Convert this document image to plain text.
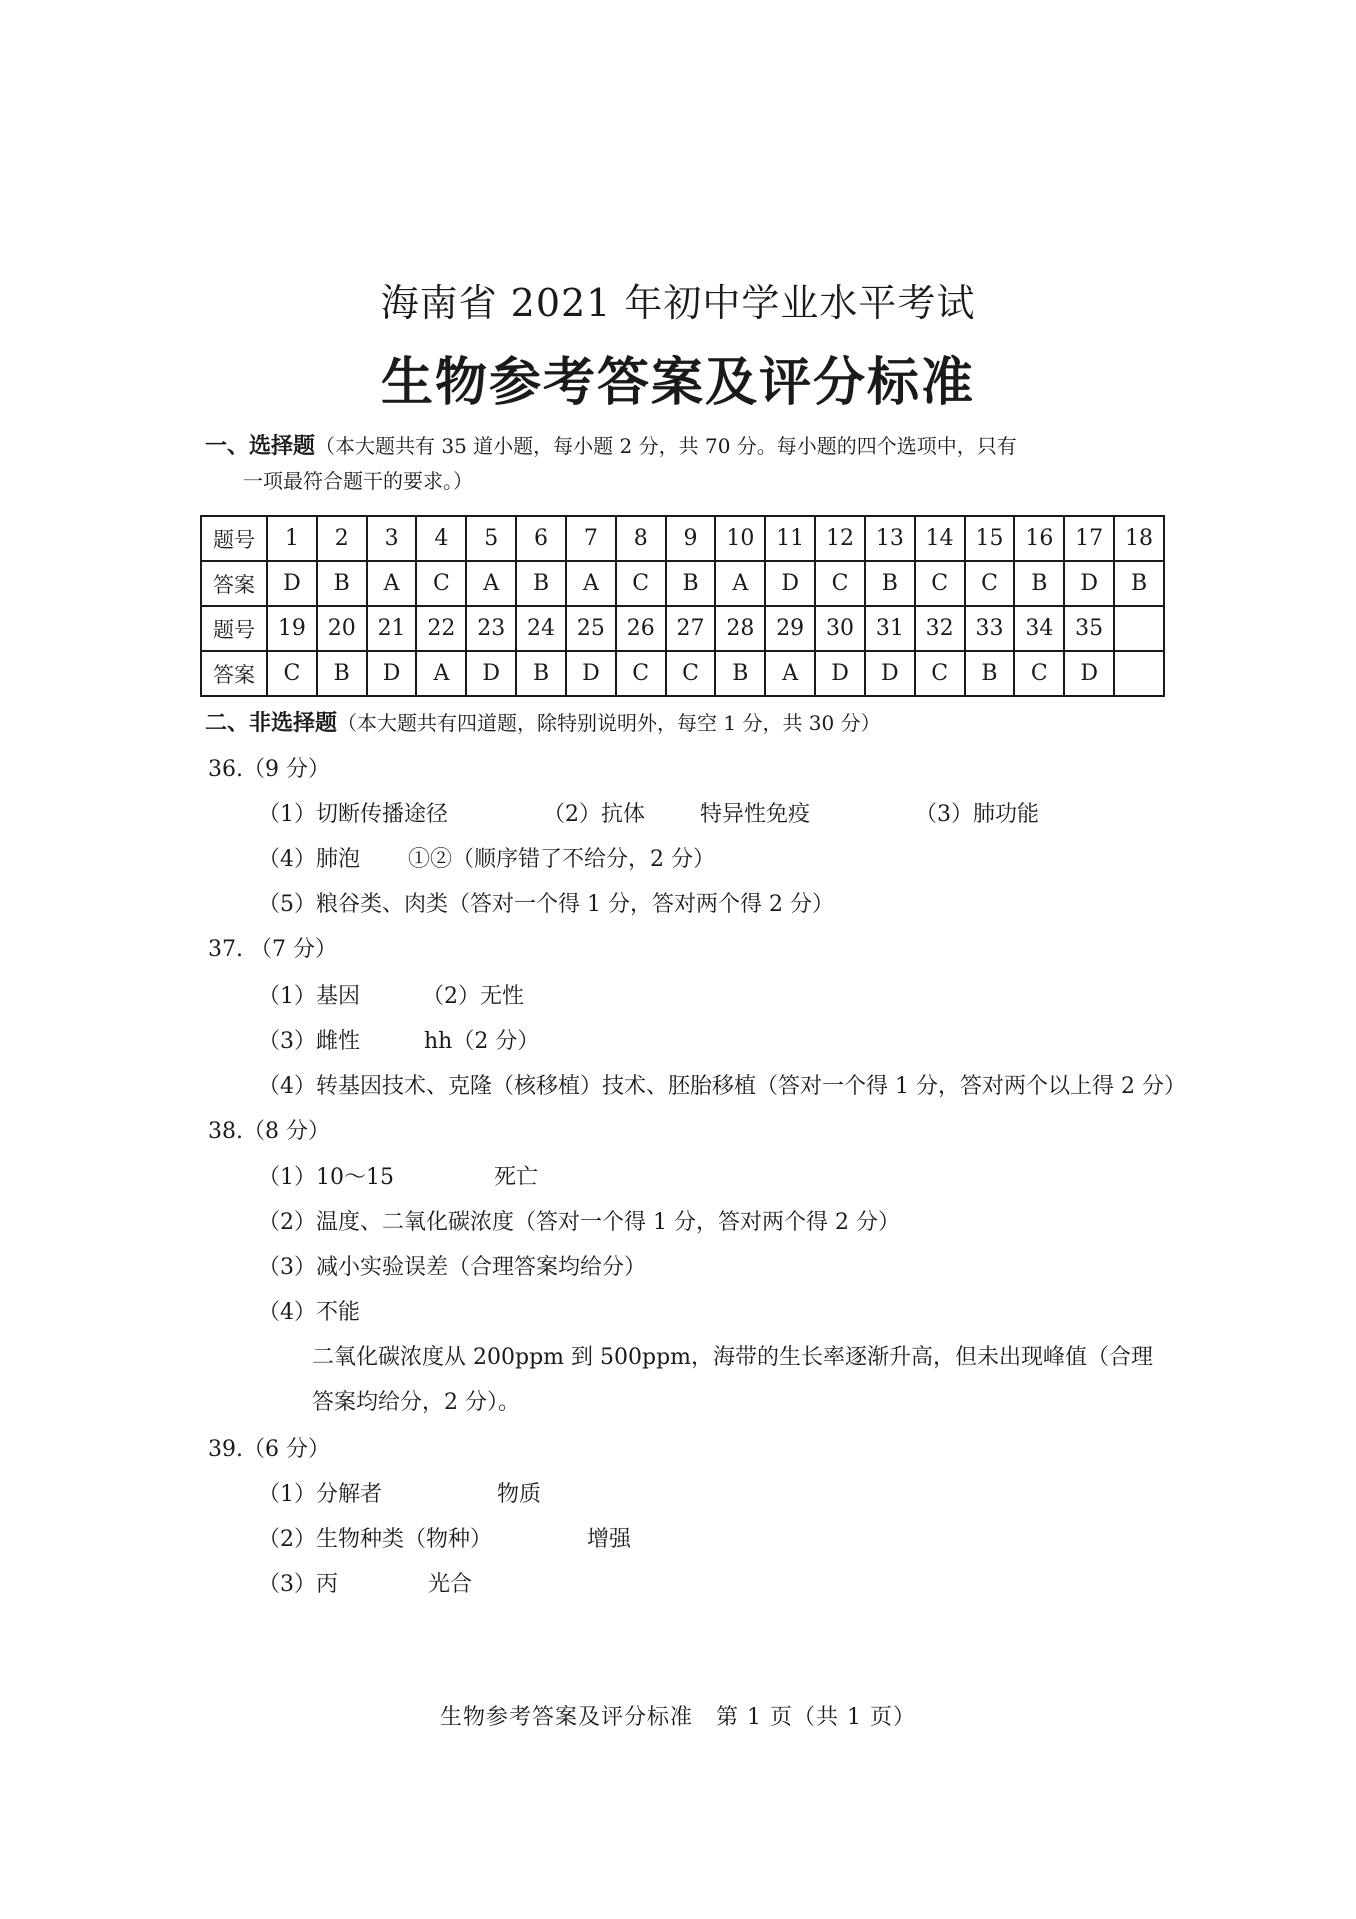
海南省 2021 年初中学业水平考试
生物参考答案及评分标准
一、选择题（本大题共有 35 道小题，每小题 2 分，共 70 分。每小题的四个选项中，只有
一项最符合题干的要求。）
题号	1	2	3	4	5	6	7	8	9	10	11	12	13	14	15	16	17	18
答案	D	B	A	C	A	B	A	C	B	A	D	C	B	C	C	B	D	B
题号	19	20	21	22	23	24	25	26	27	28	29	30	31	32	33	34	35	
答案	C	B	D	A	D	B	D	C	C	B	A	D	D	C	B	C	D	
二、非选择题（本大题共有四道题，除特别说明外，每空 1 分，共 30 分）
36.（9 分）
（1）切断传播途径	（2）抗体	特异性免疫	（3）肺功能
（4）肺泡 ①②（顺序错了不给分，2 分）
（5）粮谷类、肉类（答对一个得 1 分，答对两个得 2 分）
37. （7 分）
（1）基因	（2）无性
（3）雌性	hh（2 分）
（4）转基因技术、克隆（核移植）技术、胚胎移植（答对一个得 1 分，答对两个以上得 2 分）
38.（8 分）
（1）10～15	死亡
（2）温度、二氧化碳浓度（答对一个得 1 分，答对两个得 2 分）
（3）减小实验误差（合理答案均给分）
（4）不能
二氧化碳浓度从 200ppm 到 500ppm，海带的生长率逐渐升高，但未出现峰值（合理
答案均给分，2 分）。
39.（6 分）
（1）分解者	物质
（2）生物种类（物种）	增强
（3）丙	光合
生物参考答案及评分标准　第 1 页（共 1 页）
